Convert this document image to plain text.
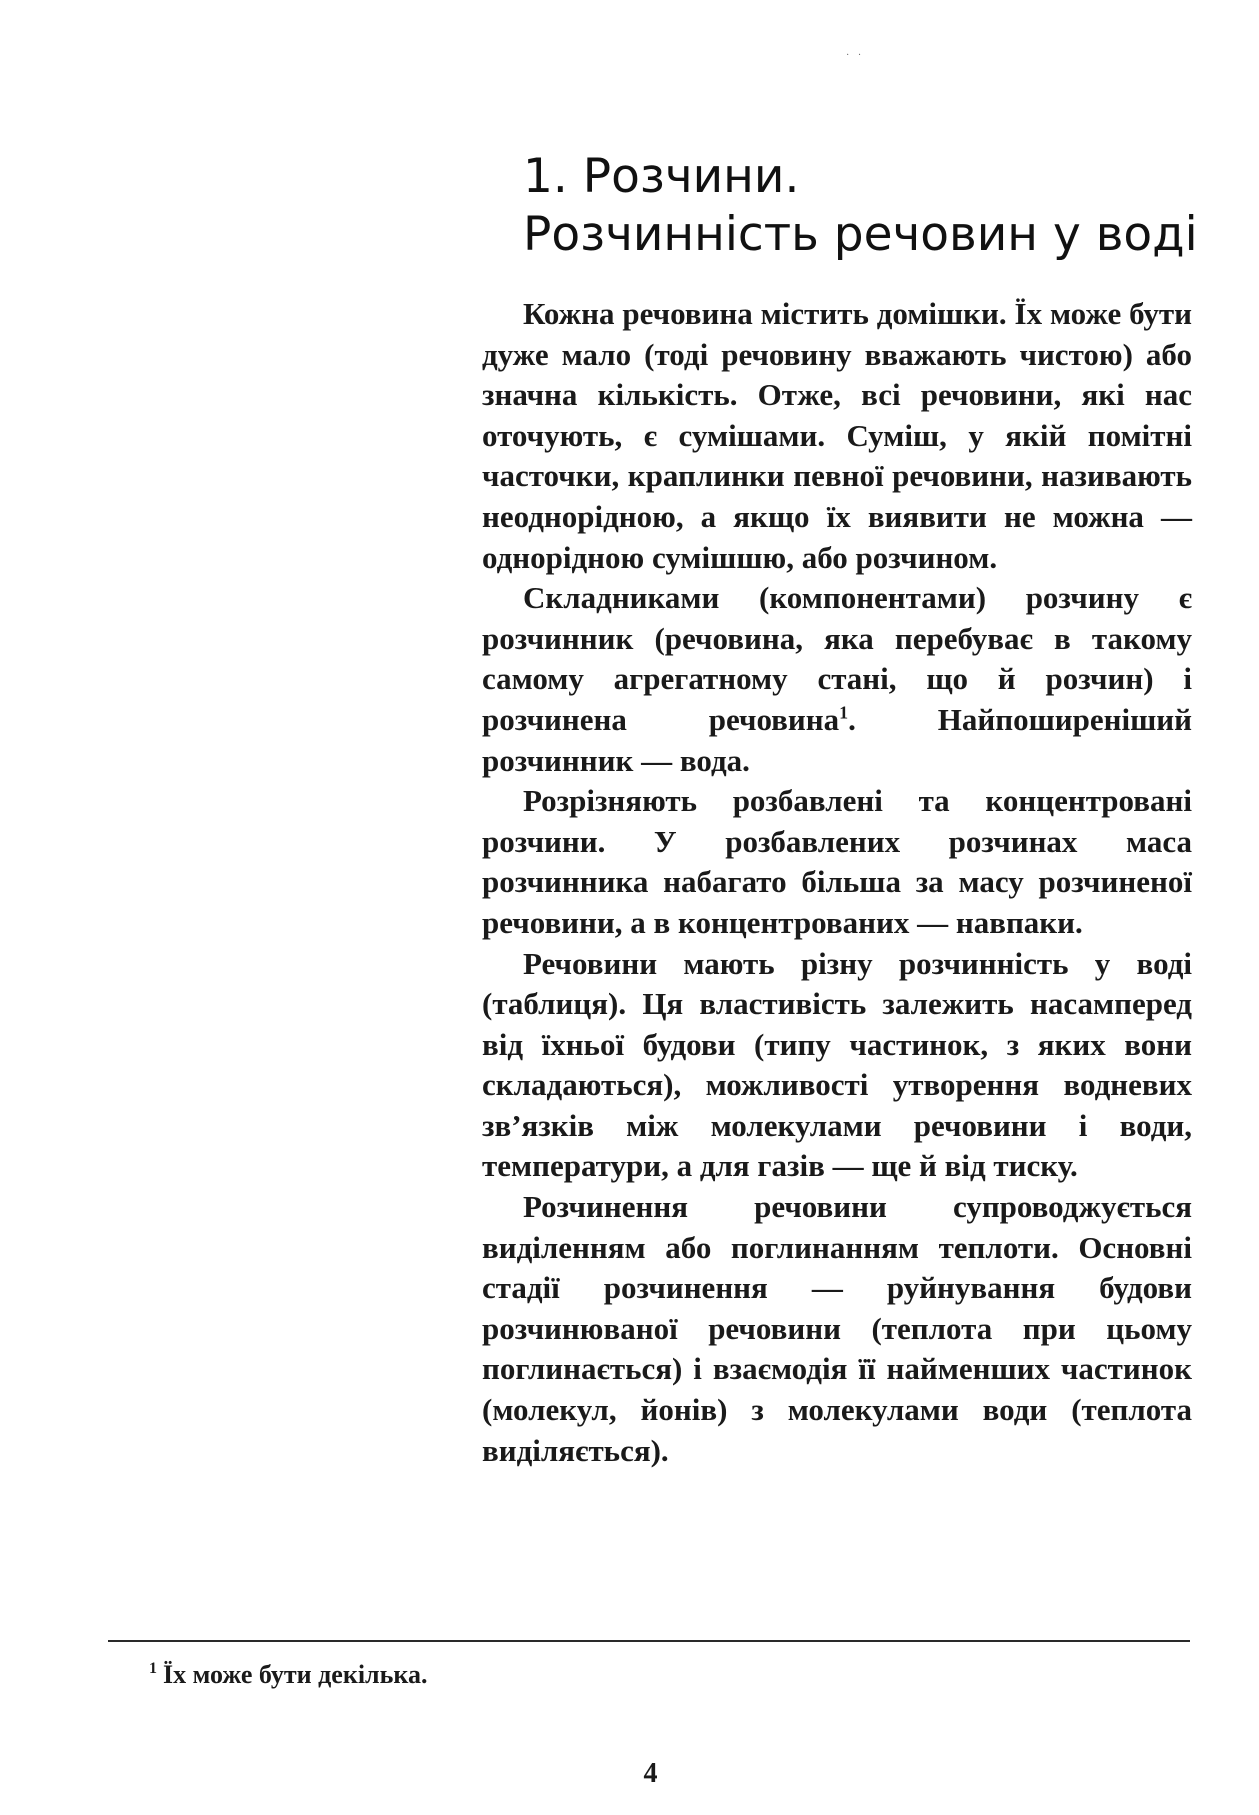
· ·
1. Розчини.
Розчинність речовин у воді

Кожна речовина містить домішки. Їх може бути дуже мало (тоді речовину вважають чистою) або значна кількість. Отже, всі речовини, які нас оточують, є сумішами. Суміш, у якій помітні часточки, краплинки певної речовини, називають неоднорідною, а якщо їх виявити не можна — однорідною сумішшю, або розчином.

Складниками (компонентами) розчину є розчинник (речовина, яка перебуває в такому самому агрегатному стані, що й розчин) і розчинена речовина$^1$. Найпоширеніший розчинник — вода.

Розрізняють розбавлені та концентровані розчини. У розбавлених розчинах маса розчинника набагато більша за масу розчиненої речовини, а в концентрованих — навпаки.

Речовини мають різну розчинність у воді (таблиця). Ця властивість залежить насамперед від їхньої будови (типу частинок, з яких вони складаються), можливості утворення водневих зв’язків між молекулами речовини і води, температури, а для газів — ще й від тиску.

Розчинення речовини супроводжується виділенням або поглинанням теплоти. Основні стадії розчинення — руйнування будови розчинюваної речовини (теплота при цьому поглинається) і взаємодія її найменших частинок (молекул, йонів) з молекулами води (теплота виділяється).

$^1$ Їх може бути декілька.
4
